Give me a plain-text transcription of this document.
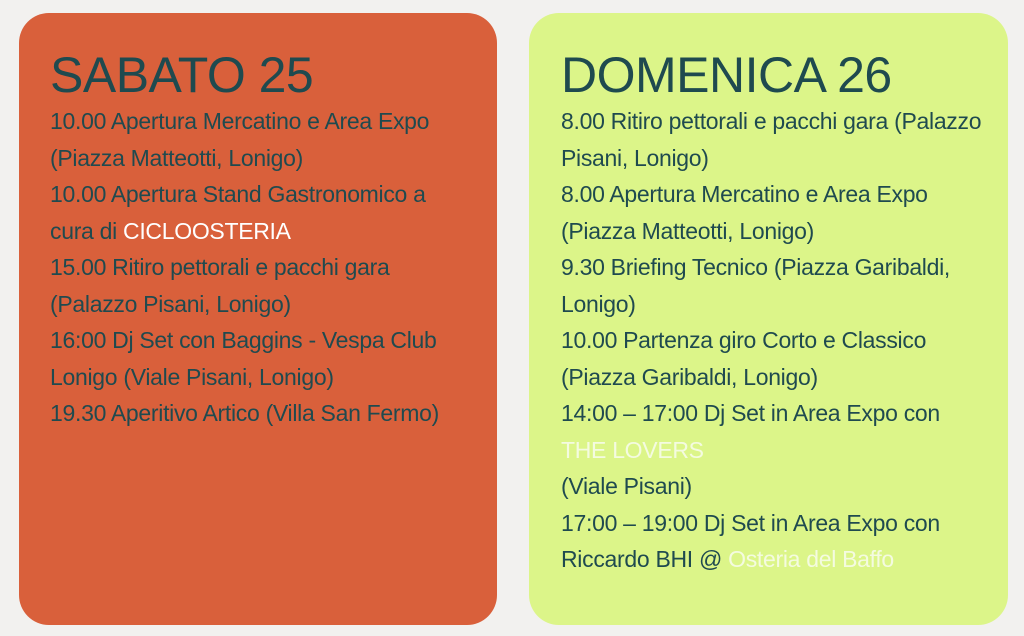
SABATO 25

10.00 Apertura Mercatino e Area Expo (Piazza Matteotti, Lonigo)

10.00 Apertura Stand Gastronomico a cura di CICLOOSTERIA

15.00 Ritiro pettorali e pacchi gara (Palazzo Pisani, Lonigo)

16:00 Dj Set con Baggins - Vespa Club Lonigo (Viale Pisani, Lonigo)

19.30 Aperitivo Artico (Villa San Fermo)

DOMENICA 26

8.00 Ritiro pettorali e pacchi gara (Palazzo Pisani, Lonigo)

8.00 Apertura Mercatino e Area Expo (Piazza Matteotti, Lonigo)

9.30 Briefing Tecnico (Piazza Garibaldi, Lonigo)

10.00 Partenza giro Corto e Classico (Piazza Garibaldi, Lonigo)

14:00 – 17:00 Dj Set in Area Expo con
THE LOVERS
(Viale Pisani)

17:00 – 19:00 Dj Set in Area Expo con Riccardo BHI @ Osteria del Baffo
